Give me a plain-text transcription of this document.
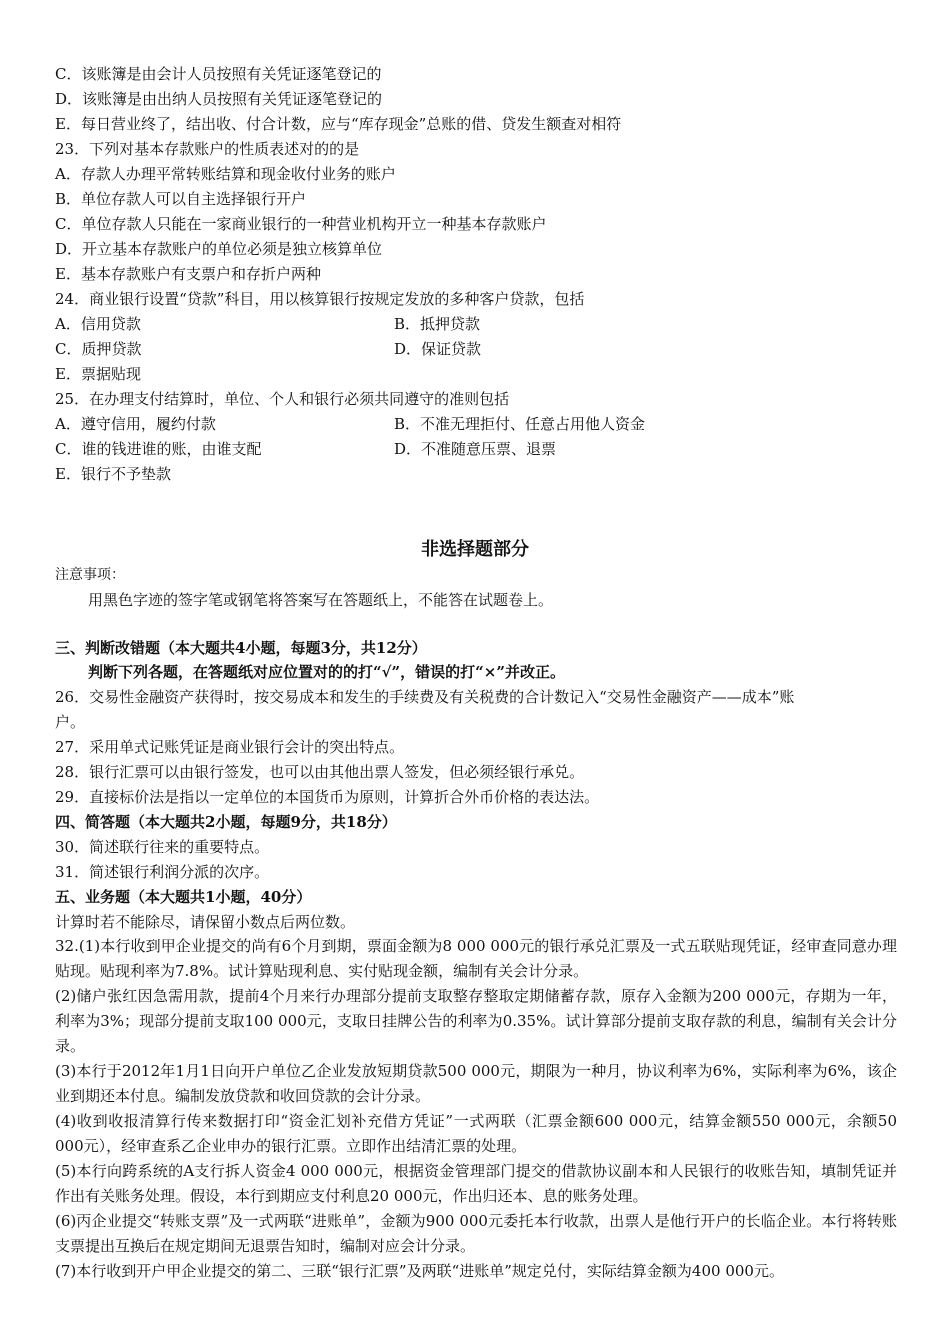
C．该账簿是由会计人员按照有关凭证逐笔登记的
D．该账簿是由出纳人员按照有关凭证逐笔登记的
E．每日营业终了，结出收、付合计数，应与“库存现金”总账的借、贷发生额查对相符
23．下列对基本存款账户的性质表述对的的是
A．存款人办理平常转账结算和现金收付业务的账户
B．单位存款人可以自主选择银行开户
C．单位存款人只能在一家商业银行的一种营业机构开立一种基本存款账户
D．开立基本存款账户的单位必须是独立核算单位
E．基本存款账户有支票户和存折户两种
24．商业银行设置“贷款”科目，用以核算银行按规定发放的多种客户贷款，包括
A．信用贷款	B．抵押贷款
C．质押贷款	D．保证贷款
E．票据贴现
25．在办理支付结算时，单位、个人和银行必须共同遵守的准则包括
A．遵守信用，履约付款	B．不准无理拒付、任意占用他人资金
C．谁的钱进谁的账，由谁支配	D．不准随意压票、退票
E．银行不予垫款
非选择题部分
注意事项：
用黑色字迹的签字笔或钢笔将答案写在答题纸上，不能答在试题卷上。
三、判断改错题（本大题共4小题，每题3分，共12分）
判断下列各题，在答题纸对应位置对的的打“√”，错误的打“×”并改正。
26．交易性金融资产获得时，按交易成本和发生的手续费及有关税费的合计数记入“交易性金融资产——成本”账
户。
27．采用单式记账凭证是商业银行会计的突出特点。
28．银行汇票可以由银行签发，也可以由其他出票人签发，但必须经银行承兑。
29．直接标价法是指以一定单位的本国货币为原则，计算折合外币价格的表达法。
四、简答题（本大题共2小题，每题9分，共18分）
30．简述联行往来的重要特点。
31．简述银行利润分派的次序。
五、业务题（本大题共1小题，40分）
计算时若不能除尽，请保留小数点后两位数。
32.(1)本行收到甲企业提交的尚有6个月到期，票面金额为8 000 000元的银行承兑汇票及一式五联贴现凭证，经审查同意办理贴现。贴现利率为7.8%。试计算贴现利息、实付贴现金额，编制有关会计分录。
(2)储户张红因急需用款，提前4个月来行办理部分提前支取整存整取定期储蓄存款，原存入金额为200 000元，存期为一年，利率为3%；现部分提前支取100 000元，支取日挂牌公告的利率为0.35%。试计算部分提前支取存款的利息，编制有关会计分录。
(3)本行于2012年1月1日向开户单位乙企业发放短期贷款500 000元，期限为一种月，协议利率为6%，实际利率为6%，该企业到期还本付息。编制发放贷款和收回贷款的会计分录。
(4)收到收报清算行传来数据打印“资金汇划补充借方凭证”一式两联（汇票金额600 000元，结算金额550 000元，余额50 000元），经审查系乙企业申办的银行汇票。立即作出结清汇票的处理。
(5)本行向跨系统的A支行拆人资金4 000 000元，根据资金管理部门提交的借款协议副本和人民银行的收账告知，填制凭证并作出有关账务处理。假设，本行到期应支付利息20 000元，作出归还本、息的账务处理。
(6)丙企业提交“转账支票”及一式两联“进账单”，金额为900 000元委托本行收款，出票人是他行开户的长临企业。本行将转账支票提出互换后在规定期间无退票告知时，编制对应会计分录。
(7)本行收到开户甲企业提交的第二、三联“银行汇票”及两联“进账单”规定兑付，实际结算金额为400 000元。
